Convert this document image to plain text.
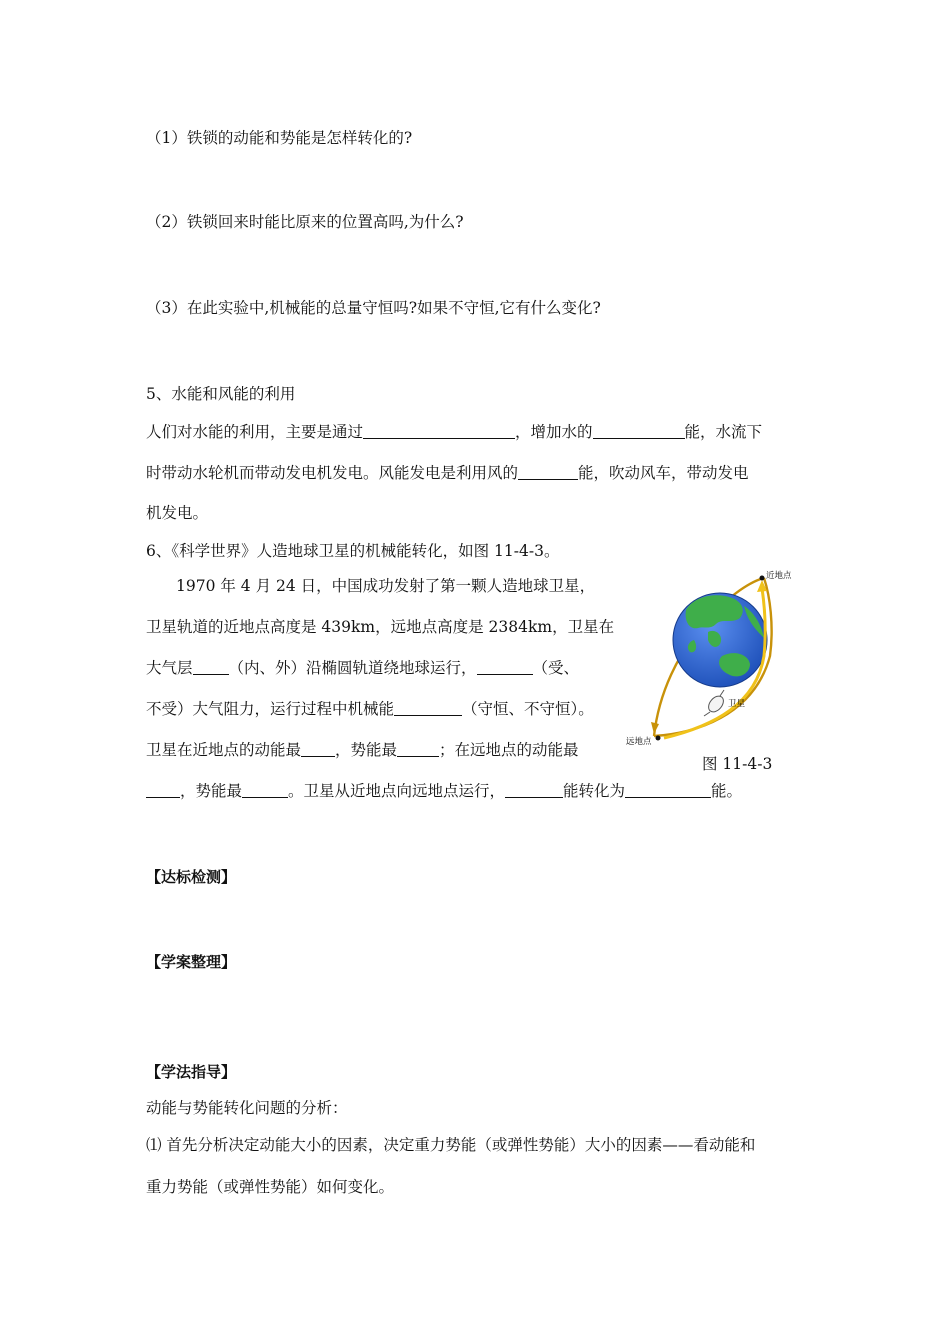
（1）铁锁的动能和势能是怎样转化的?
（2）铁锁回来时能比原来的位置高吗,为什么?
（3）在此实验中,机械能的总量守恒吗?如果不守恒,它有什么变化?
5、水能和风能的利用
人们对水能的利用，主要是通过	，增加水的	能，水流下
时带动水轮机而带动发电机发电。风能发电是利用风的	能，吹动风车，带动发电
机发电。
6、《科学世界》人造地球卫星的机械能转化，如图 11-4-3。
1970 年 4 月 24 日，中国成功发射了第一颗人造地球卫星，
卫星轨道的近地点高度是 439km，远地点高度是 2384km，卫星在
大气层 （内、外）沿椭圆轨道绕地球运行，	（受、
不受）大气阻力，运行过程中机械能	（守恒、不守恒）。
卫星在近地点的动能最 ，势能最	；在远地点的动能最
图 11-4-3
，势能最	。卫星从近地点向远地点运行，	能转化为	能。
近地点
远地点
卫星
【达标检测】
【学案整理】
【学法指导】
动能与势能转化问题的分析：
⑴ 首先分析决定动能大小的因素，决定重力势能（或弹性势能）大小的因素——看动能和
重力势能（或弹性势能）如何变化。
